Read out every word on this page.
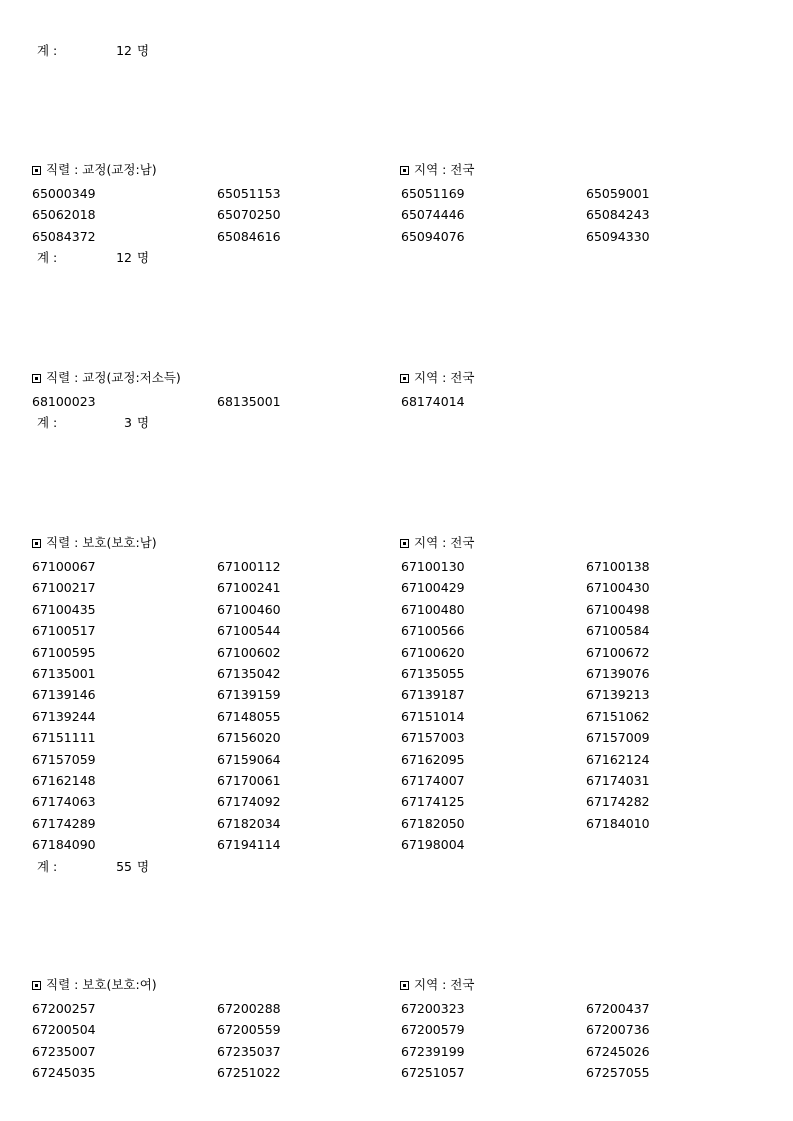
계 :	12 명
직렬 : 교정(교정:남)	지역 : 전국
65000349	65051153	65051169	65059001
65062018	65070250	65074446	65084243
65084372	65084616	65094076	65094330
계 :	12 명
직렬 : 교정(교정:저소득)	지역 : 전국
68100023	68135001	68174014
계 :	3 명
직렬 : 보호(보호:남)	지역 : 전국
67100067	67100112	67100130	67100138
67100217	67100241	67100429	67100430
67100435	67100460	67100480	67100498
67100517	67100544	67100566	67100584
67100595	67100602	67100620	67100672
67135001	67135042	67135055	67139076
67139146	67139159	67139187	67139213
67139244	67148055	67151014	67151062
67151111	67156020	67157003	67157009
67157059	67159064	67162095	67162124
67162148	67170061	67174007	67174031
67174063	67174092	67174125	67174282
67174289	67182034	67182050	67184010
67184090	67194114	67198004
계 :	55 명
직렬 : 보호(보호:여)	지역 : 전국
67200257	67200288	67200323	67200437
67200504	67200559	67200579	67200736
67235007	67235037	67239199	67245026
67245035	67251022	67251057	67257055
